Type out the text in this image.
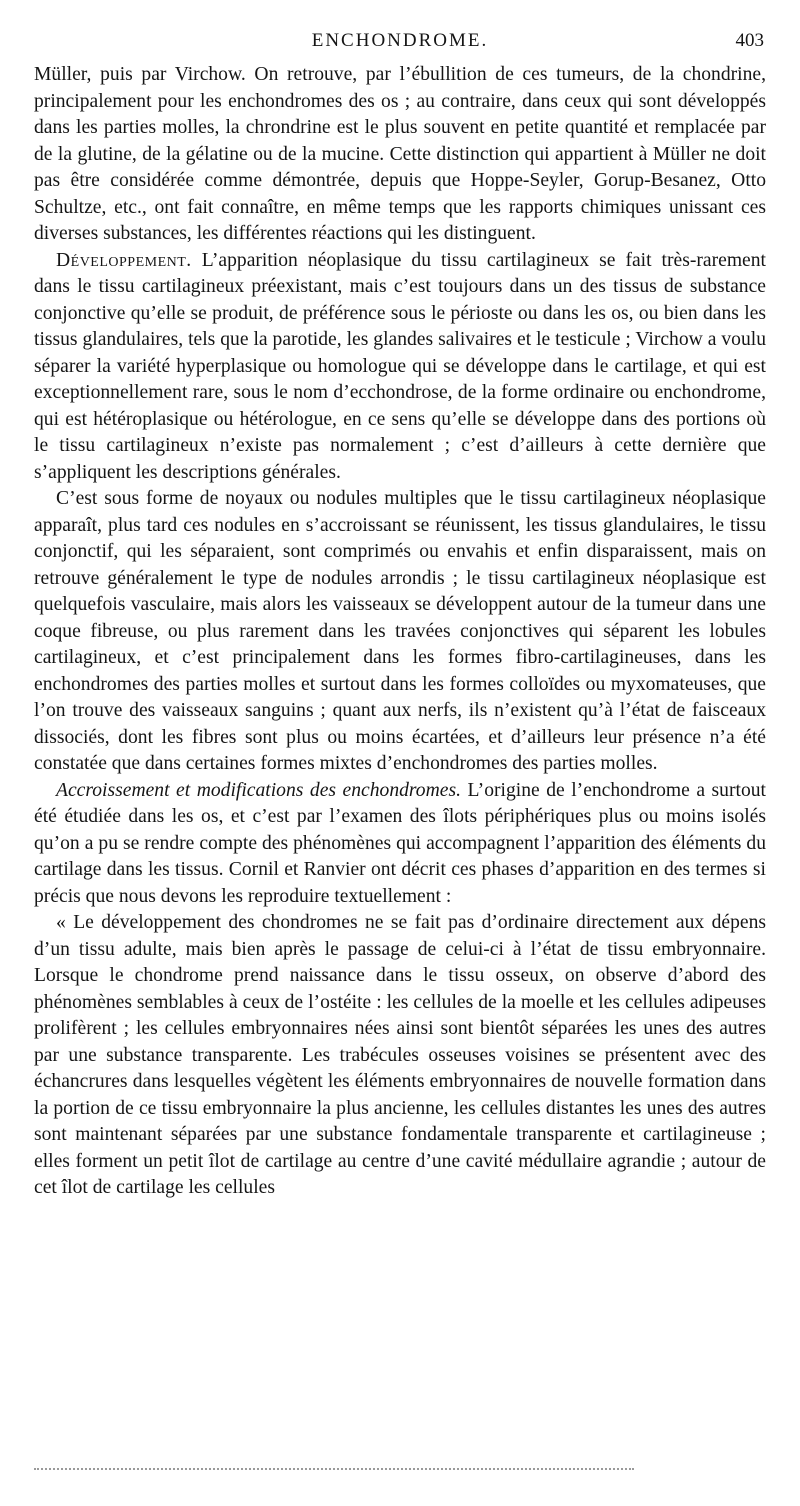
ENCHONDROME.	403

Müller, puis par Virchow. On retrouve, par l’ébullition de ces tumeurs, de la chondrine, principalement pour les enchondromes des os ; au contraire, dans ceux qui sont développés dans les parties molles, la chrondrine est le plus souvent en petite quantité et remplacée par de la glutine, de la gélatine ou de la mucine. Cette distinction qui appartient à Müller ne doit pas être considérée comme démontrée, depuis que Hoppe-Seyler, Gorup-Besanez, Otto Schultze, etc., ont fait connaître, en même temps que les rapports chimiques unissant ces diverses substances, les différentes réactions qui les distinguent.

Développement. L’apparition néoplasique du tissu cartilagineux se fait très-rarement dans le tissu cartilagineux préexistant, mais c’est toujours dans un des tissus de substance conjonctive qu’elle se produit, de préférence sous le périoste ou dans les os, ou bien dans les tissus glandulaires, tels que la parotide, les glandes salivaires et le testicule ; Virchow a voulu séparer la variété hyperplasique ou homologue qui se développe dans le cartilage, et qui est exceptionnellement rare, sous le nom d’ecchondrose, de la forme ordinaire ou enchondrome, qui est hétéroplasique ou hétérologue, en ce sens qu’elle se développe dans des portions où le tissu cartilagineux n’existe pas normalement ; c’est d’ailleurs à cette dernière que s’appliquent les descriptions générales.

C’est sous forme de noyaux ou nodules multiples que le tissu cartilagineux néoplasique apparaît, plus tard ces nodules en s’accroissant se réunissent, les tissus glandulaires, le tissu conjonctif, qui les séparaient, sont comprimés ou envahis et enfin disparaissent, mais on retrouve généralement le type de nodules arrondis ; le tissu cartilagineux néoplasique est quelquefois vasculaire, mais alors les vaisseaux se développent autour de la tumeur dans une coque fibreuse, ou plus rarement dans les travées conjonctives qui séparent les lobules cartilagineux, et c’est principalement dans les formes fibro-cartilagineuses, dans les enchondromes des parties molles et surtout dans les formes colloïdes ou myxomateuses, que l’on trouve des vaisseaux sanguins ; quant aux nerfs, ils n’existent qu’à l’état de faisceaux dissociés, dont les fibres sont plus ou moins écartées, et d’ailleurs leur présence n’a été constatée que dans certaines formes mixtes d’enchondromes des parties molles.

Accroissement et modifications des enchondromes. L’origine de l’enchondrome a surtout été étudiée dans les os, et c’est par l’examen des îlots périphériques plus ou moins isolés qu’on a pu se rendre compte des phénomènes qui accompagnent l’apparition des éléments du cartilage dans les tissus. Cornil et Ranvier ont décrit ces phases d’apparition en des termes si précis que nous devons les reproduire textuellement :

« Le développement des chondromes ne se fait pas d’ordinaire directement aux dépens d’un tissu adulte, mais bien après le passage de celui-ci à l’état de tissu embryonnaire. Lorsque le chondrome prend naissance dans le tissu osseux, on observe d’abord des phénomènes semblables à ceux de l’ostéite : les cellules de la moelle et les cellules adipeuses prolifèrent ; les cellules embryonnaires nées ainsi sont bientôt séparées les unes des autres par une substance transparente. Les trabécules osseuses voisines se présentent avec des échancrures dans lesquelles végètent les éléments embryonnaires de nouvelle formation dans la portion de ce tissu embryonnaire la plus ancienne, les cellules distantes les unes des autres sont maintenant séparées par une substance fondamentale transparente et cartilagineuse ; elles forment un petit îlot de cartilage au centre d’une cavité médullaire agrandie ; autour de cet îlot de cartilage les cellules
